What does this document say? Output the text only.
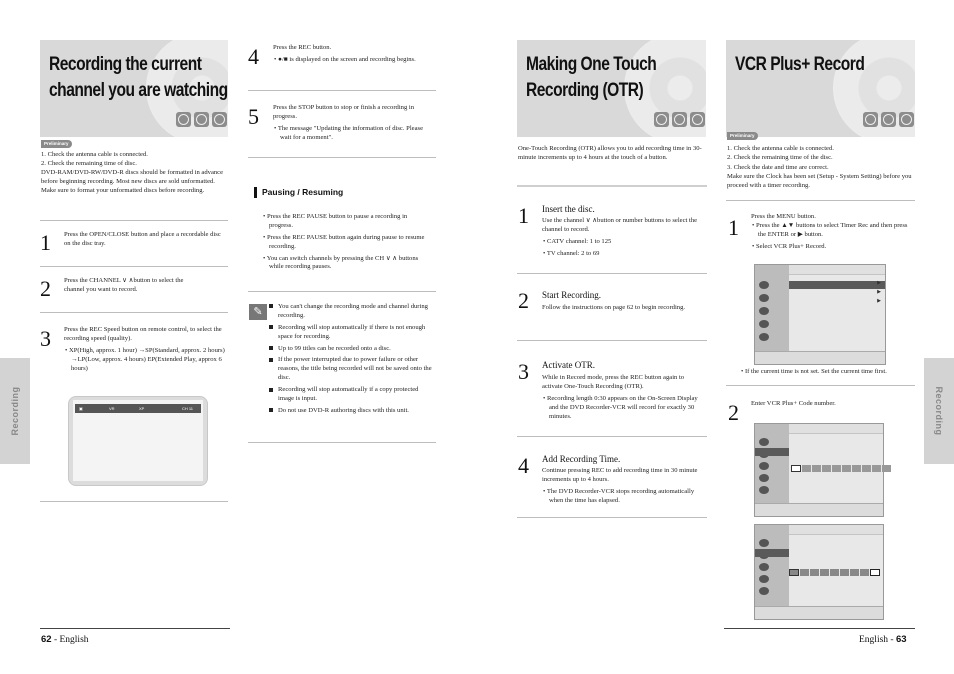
Recording the current
channel you are watching
Preliminary

1. Check the antenna cable is connected.

2. Check the remaining time of disc.

DVD-RAM/DVD-RW/DVD-R discs should be formatted in advance before beginning recording. Most new discs are sold unformatted. Make sure to format your unformatted discs before recording.

1 Press the OPEN/CLOSE button and place a recordable disc on the disc tray.
2 Press the CHANNEL ∨ ∧button to select the channel you want to record.
3 Press the REC Speed button on remote control, to select the recording speed (quality).

• XP(High, approx. 1 hour) →SP(Standard, approx. 2 hours) →LP(Low, approx. 4 hours) EP(Extended Play, approx 6 hours)

▣	VR	XP	CH 11
Recording
4 Press the REC button.

• ●/■ is displayed on the screen and recording begins.

5 Press the STOP button to stop or finish a recording in progress.

• The message "Updating the information of disc. Please wait for a moment".

Pausing / Resuming

• Press the REC PAUSE button to pause a recording in progress.

• Press the REC PAUSE button again during pause to resume recording.

• You can switch channels by pressing the CH ∨ ∧ buttons while recording pauses.

✎	You can't change the recording mode and channel during recording.

Recording will stop automatically if there is not enough space for recording.

Up to 99 titles can be recorded onto a disc.

If the power interrupted due to power failure or other reasons, the title being recorded will not be saved onto the disc.

Recording will stop automatically if a copy protected image is input.

Do not use DVD-R authoring discs with this unit.

62 - English
Making One Touch
Recording (OTR)
One-Touch Recording (OTR) allows you to add recording time in 30-minute increments up to 4 hours at the touch of a button.
1 Insert the disc.

Use the channel ∨ ∧button or number buttons to select the channel to record.

• CATV channel: 1 to 125

• TV channel: 2 to 69

2 Start Recording.
Follow the instructions on page 62 to begin recording.
3 Activate OTR.

While in Record mode, press the REC button again to activate One-Touch Recording (OTR).

• Recording length 0:30 appears on the On-Screen Display and the DVD Recorder-VCR will record for exactly 30 minutes.

4 Add Recording Time.

Continue pressing REC to add recording time in 30 minute increments up to 4 hours.

• The DVD Recorder-VCR stops recording automatically when the time has elapsed.

VCR Plus+ Record
Preliminary

1. Check the antenna cable is connected.

2. Check the remaining time of the disc.

3. Check the date and time are correct.

Make sure the Clock has been set (Setup - System Setting) before you proceed with a timer recording.

1 Press the MENU button.

• Press the ▲▼ buttons to select Timer Rec and then press the ENTER or ▶ button.

• Select VCR Plus+ Record.

▶
▶
▶

• If the current time is not set. Set the current time first.

2 Enter VCR Plus+ Code number.	Recording
English - 63
